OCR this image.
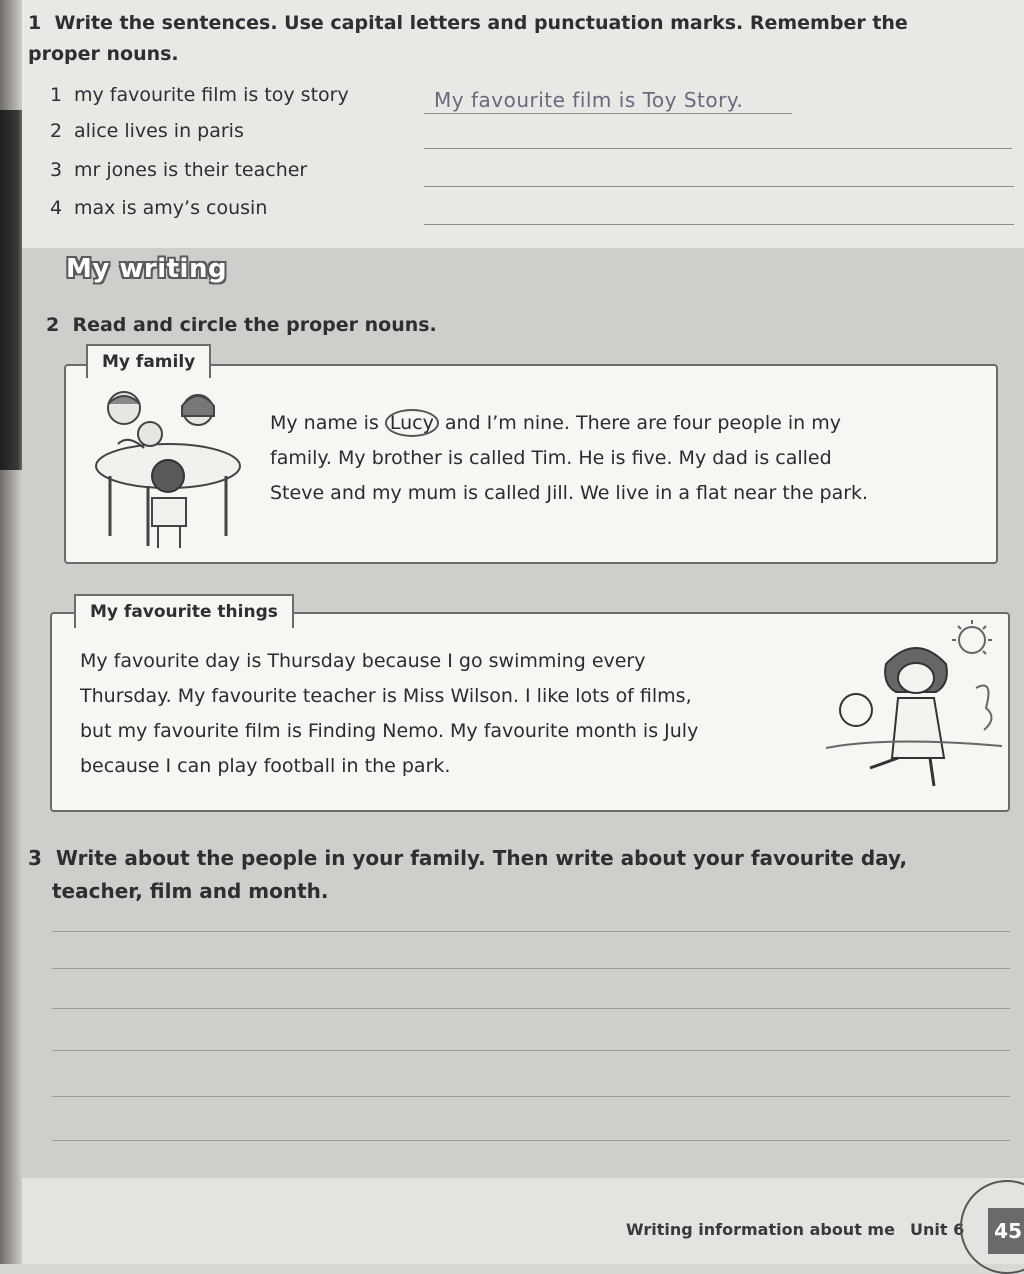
1 Write the sentences. Use capital letters and punctuation marks. Remember the proper nouns.
1 my favourite film is toy story	My favourite film is Toy Story.
2 alice lives in paris
3 mr jones is their teacher
4 max is amy’s cousin
My writing
2 Read and circle the proper nouns.
My family
My name is Lucy and I’m nine. There are four people in my
family. My brother is called Tim. He is five. My dad is called
Steve and my mum is called Jill. We live in a flat near the park.
My favourite things
My favourite day is Thursday because I go swimming every
Thursday. My favourite teacher is Miss Wilson. I like lots of films,
but my favourite film is Finding Nemo. My favourite month is July
because I can play football in the park.
3 Write about the people in your family. Then write about your favourite day,
teacher, film and month.
Writing information about me Unit 6	45
